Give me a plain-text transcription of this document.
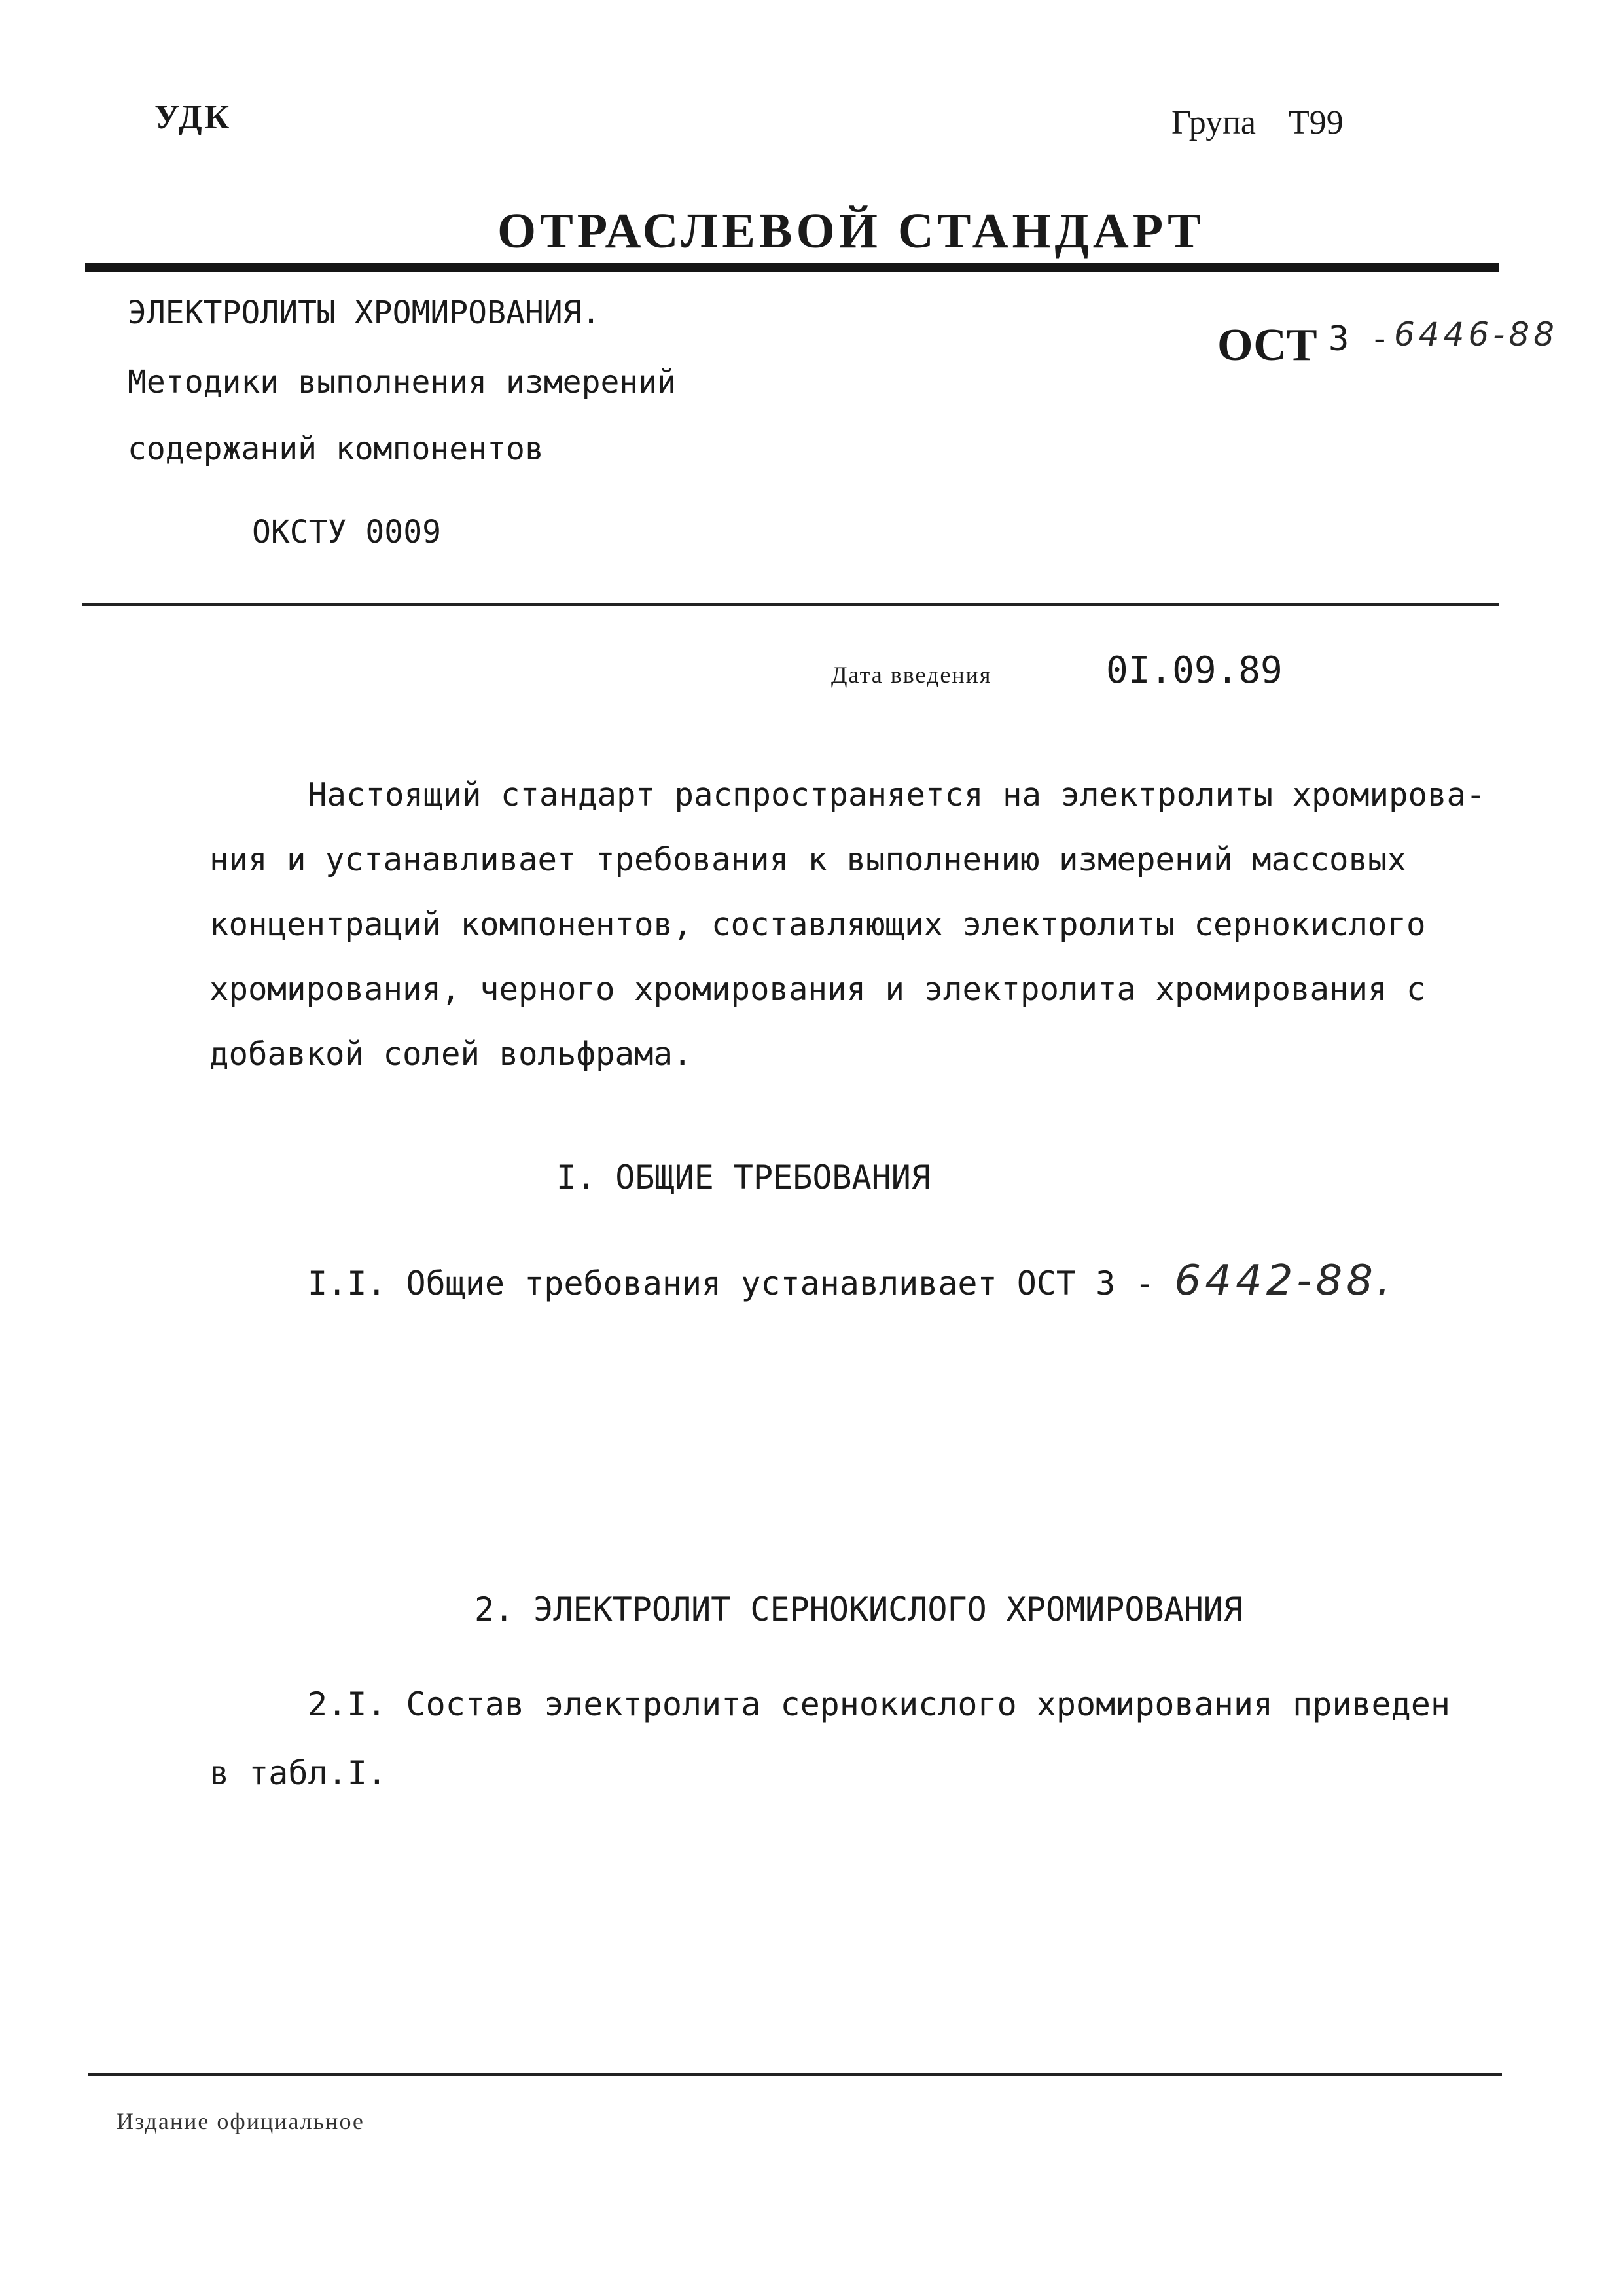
УДК	Група Т99
ОТРАСЛЕВОЙ СТАНДАРТ
ЭЛЕКТРОЛИТЫ ХРОМИРОВАНИЯ.
Методики выполнения измерений
содержаний компонентов
ОКСТУ 0009
ОСТ 3 - 6446-88
Дата введения	0I.09.89
Настоящий стандарт распространяется на электролиты хромирова-
ния и устанавливает требования к выполнению измерений массовых
концентраций компонентов, составляющих электролиты сернокислого
хромирования, черного хромирования и электролита хромирования с
добавкой солей вольфрама.
I. ОБЩИЕ ТРЕБОВАНИЯ
I.I. Общие требования устанавливает ОСТ 3 - 6442-88.
2. ЭЛЕКТРОЛИТ СЕРНОКИСЛОГО ХРОМИРОВАНИЯ
2.I. Состав электролита сернокислого хромирования приведен
в табл.I.
Издание официальное
